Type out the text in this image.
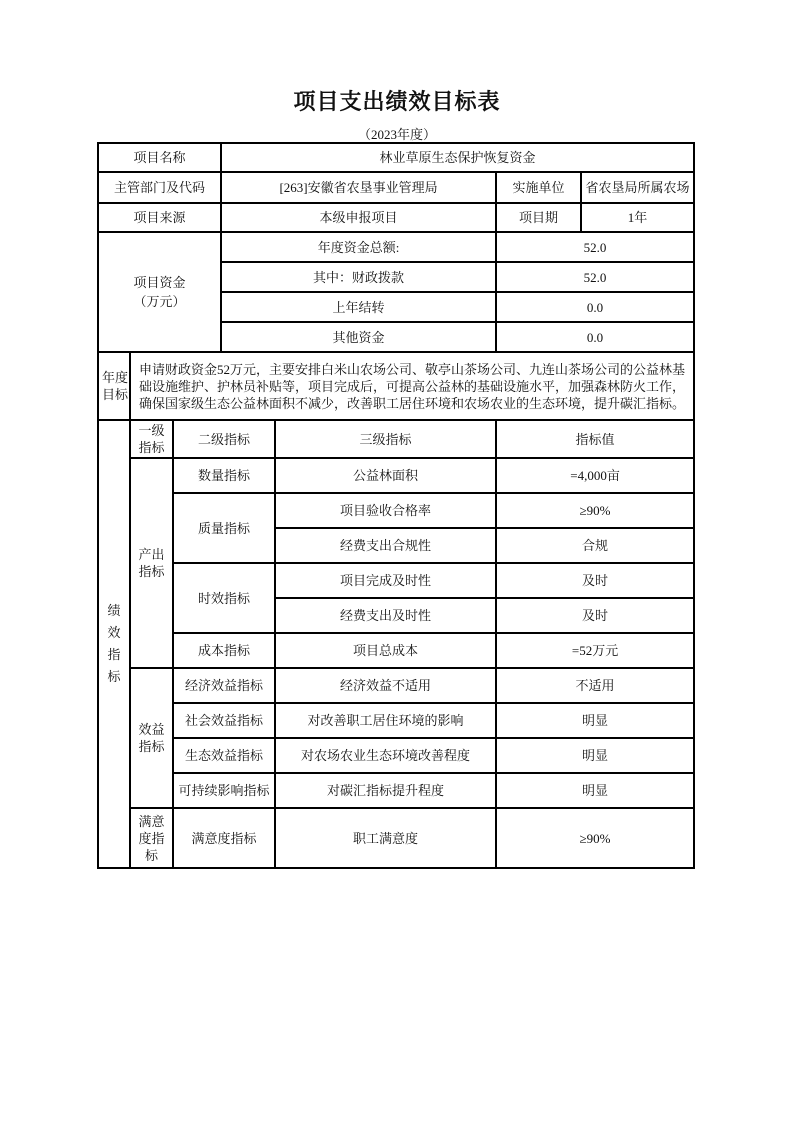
项目支出绩效目标表
（2023年度）
项目名称			林业草原生态保护恢复资金			
主管部门及代码			[263]安徽省农垦事业管理局		实施单位	省农垦局所属农场
项目来源			本级申报项目		项目期	1年
项目资金（万元）			年度资金总额:		52.0	
			其中：财政拨款		52.0	
			上年结转		0.0	
			其他资金		0.0	
年度目标	申请财政资金52万元，主要安排白米山农场公司、敬亭山茶场公司、九连山茶场公司的公益林基础设施维护、护林员补贴等，项目完成后，可提高公益林的基础设施水平，加强森林防火工作，确保国家级生态公益林面积不减少，改善职工居住环境和农场农业的生态环境，提升碳汇指标。					
绩效指标	一级指标	二级指标		三级指标	指标值	
	产出指标	数量指标		公益林面积	=4,000亩	
		质量指标		项目验收合格率	≥90%	
				经费支出合规性	合规	
		时效指标		项目完成及时性	及时	
				经费支出及时性	及时	
		成本指标		项目总成本	=52万元	
	效益指标	经济效益指标		经济效益不适用	不适用	
		社会效益指标		对改善职工居住环境的影响	明显	
		生态效益指标		对农场农业生态环境改善程度	明显	
		可持续影响指标		对碳汇指标提升程度	明显	
	满意度指标	满意度指标		职工满意度	≥90%	
